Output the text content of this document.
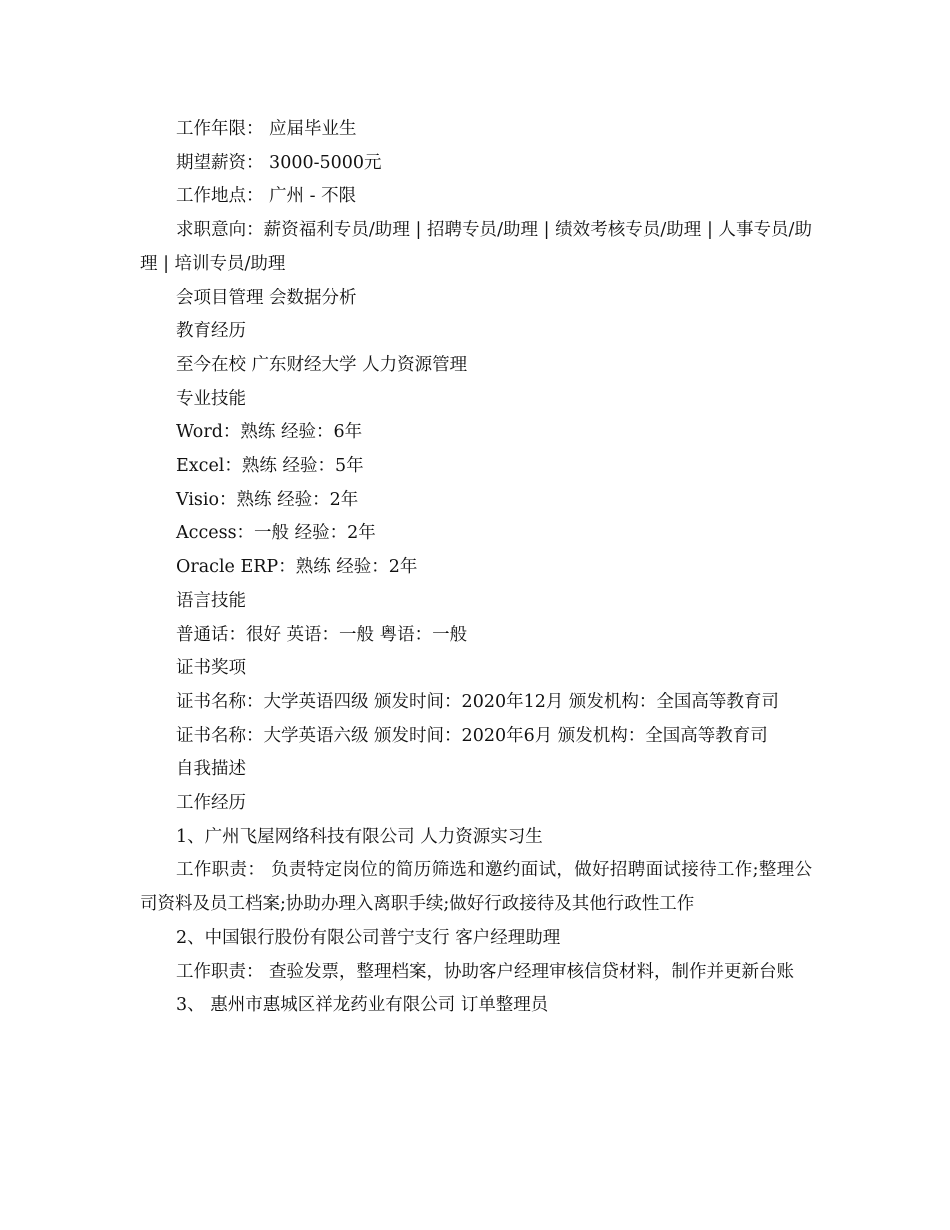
工作年限： 应届毕业生

期望薪资： 3000-5000元

工作地点： 广州 - 不限

求职意向：薪资福利专员/助理 | 招聘专员/助理 | 绩效考核专员/助理 | 人事专员/助理 | 培训专员/助理

会项目管理 会数据分析

教育经历

至今在校 广东财经大学 人力资源管理

专业技能

Word：熟练 经验：6年

Excel：熟练 经验：5年

Visio：熟练 经验：2年

Access：一般 经验：2年

Oracle ERP：熟练 经验：2年

语言技能

普通话：很好 英语：一般 粤语：一般

证书奖项

证书名称：大学英语四级 颁发时间：2020年12月 颁发机构：全国高等教育司

证书名称：大学英语六级 颁发时间：2020年6月 颁发机构：全国高等教育司

自我描述

工作经历

1、广州飞屋网络科技有限公司 人力资源实习生

工作职责： 负责特定岗位的简历筛选和邀约面试，做好招聘面试接待工作;整理公司资料及员工档案;协助办理入离职手续;做好行政接待及其他行政性工作

2、中国银行股份有限公司普宁支行 客户经理助理

工作职责： 查验发票，整理档案，协助客户经理审核信贷材料，制作并更新台账

3、 惠州市惠城区祥龙药业有限公司 订单整理员
